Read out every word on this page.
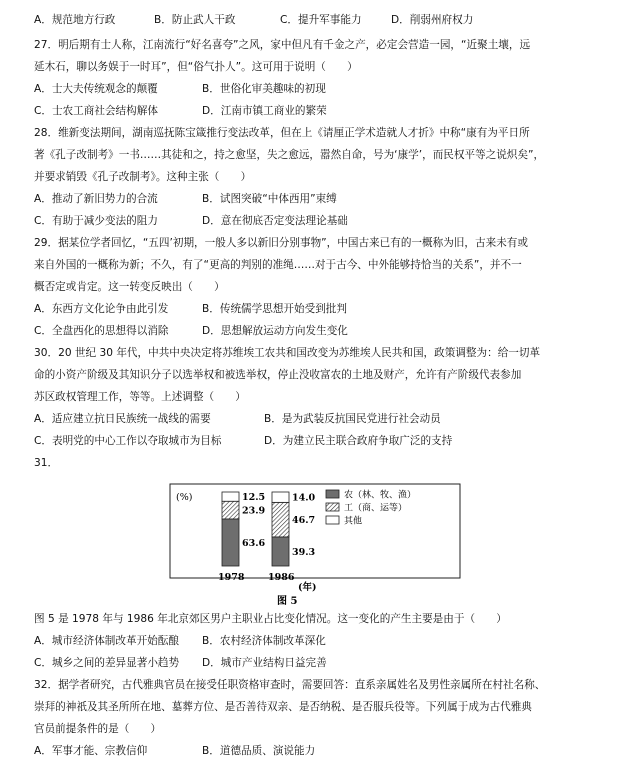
A．规范地方行政	B．防止武人干政	C．提升军事能力	D．削弱州府权力
27．明后期有士人称，江南流行“好名喜夸”之风，家中但凡有千金之产，必定会营造一园，“近聚土壤，远
延木石，聊以务娱于一时耳”，但“俗气扑人”。这可用于说明（　　）
A．士大夫传统观念的颠覆	B．世俗化审美趣味的初现
C．士农工商社会结构解体	D．江南市镇工商业的繁荣
28．维新变法期间，湖南巡抚陈宝箴推行变法改革，但在上《请厘正学术造就人才折》中称“康有为平日所
著《孔子改制考》一书……其徒和之，持之愈坚，失之愈远，嚣然自命，号为‘康学’，而民权平等之说炽矣”，
并要求销毁《孔子改制考》。这种主张（　　）
A．推动了新旧势力的合流	B．试图突破“中体西用”束缚
C．有助于减少变法的阻力	D．意在彻底否定变法理论基础
29．据某位学者回忆，“五四’初期，一般人多以新旧分别事物”，中国古来已有的一概称为旧，古来未有或
来自外国的一概称为新；不久，有了“更高的判别的准绳……对于古今、中外能够持恰当的关系”，并不一
概否定或肯定。这一转变反映出（　　）
A．东西方文化论争由此引发	B．传统儒学思想开始受到批判
C．全盘西化的思想得以消除	D．思想解放运动方向发生变化
30．20 世纪 30 年代，中共中央决定将苏维埃工农共和国改变为苏维埃人民共和国，政策调整为：给一切革
命的小资产阶级及其知识分子以选举权和被选举权，停止没收富农的土地及财产，允许有产阶级代表参加
苏区政权管理工作，等等。上述调整（　　）
A．适应建立抗日民族统一战线的需要	B．是为武装反抗国民党进行社会动员
C．表明党的中心工作以夺取城市为目标	D．为建立民主联合政府争取广泛的支持
31．
(%)
63.6
23.9
12.5
39.3
46.7
14.0	农（林、牧、渔）
工（商、运等）
其他
1978 1986
(年)
图 5
图 5 是 1978 年与 1986 年北京郊区男户主职业占比变化情况。这一变化的产生主要是由于（　　）
A．城市经济体制改革开始酝酿 B．农村经济体制改革深化
C．城乡之间的差异显著小趋势 D．城市产业结构日益完善
32．据学者研究，古代雅典官员在接受任职资格审查时，需要回答：直系亲属姓名及男性亲属所在村社名称、
崇拜的神祇及其圣所所在地、墓葬方位、是否善待双亲、是否纳税、是否服兵役等。下列属于成为古代雅典
官员前提条件的是（　　）
A．军事才能、宗教信仰	B．道德品质、演说能力
